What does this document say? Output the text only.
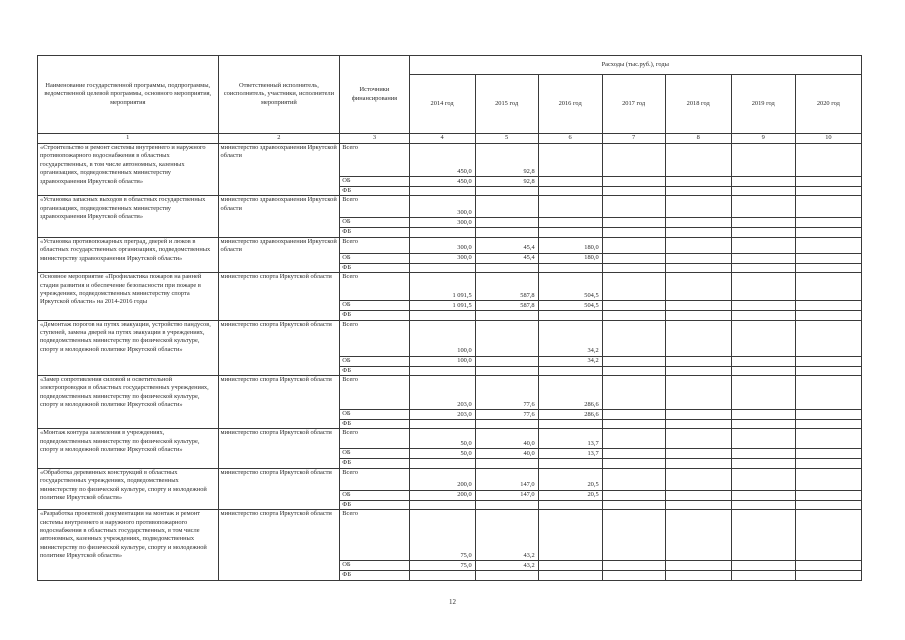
Наименование государственной программы, подпрограммы, ведомственной целевой программы, основного мероприятия, мероприятия	Ответственный исполнитель, соисполнитель, участники, исполнители мероприятий	Источники финансирования	Расходы (тыс.руб.), годы						
			2014 год	2015 год	2016 год	2017 год	2018 год	2019 год	2020 год
1	2	3	4	5	6	7	8	9	10
«Строительство и ремонт системы внутреннего и наружного противопожарного водоснабжения в областных государственных, в том числе автономных, казенных организациях, подведомственных министерству здравоохранения Иркутской области»	министерство здравоохранения Иркутской области	Всего	450,0	92,8					
		ОБ	450,0	92,8					
		ФБ							
«Установка запасных выходов в областных государственных организациях, подведомственных министерству здравоохранения Иркутской области»	министерство здравоохранения Иркутской области	Всего	300,0						
		ОБ	300,0						
		ФБ							
«Установка противопожарных преград, дверей и люков в областных государственных организациях, подведомственных министерству здравоохранения Иркутской области»	министерство здравоохранения Иркутской области	Всего	300,0	45,4	180,0				
		ОБ	300,0	45,4	180,0				
		ФБ							
Основное мероприятие «Профилактика пожаров на ранней стадии развития и обеспечение безопасности при пожаре в учреждениях, подведомственных министерству спорта Иркутской области» на 2014-2016 годы	министерство спорта Иркутской области	Всего	1 091,5	587,8	504,5				
		ОБ	1 091,5	587,8	504,5				
		ФБ							
«Демонтаж порогов на путях эвакуации, устройство пандусов, ступеней, замена дверей на путях эвакуации в учреждениях, подведомственных министерству по физической культуре, спорту и молодежной политике Иркутской области»	министерство спорта Иркутской области	Всего	100,0		34,2				
		ОБ	100,0		34,2				
		ФБ							
«Замер сопротивления силовой и осветительной электропроводки в областных государственных учреждениях, подведомственных министерству по физической культуре, спорту и молодежной политике Иркутской области»	министерство спорта Иркутской области	Всего	203,0	77,6	286,6				
		ОБ	203,0	77,6	286,6				
		ФБ							
«Монтаж контура заземления в учреждениях, подведомственных министерству по физической культуре, спорту и молодежной политике Иркутской области»	министерство спорта Иркутской области	Всего	50,0	40,0	13,7				
		ОБ	50,0	40,0	13,7				
		ФБ							
«Обработка деревянных конструкций в областных государственных учреждениях, подведомственных министерству по физической культуре, спорту и молодежной политике Иркутской области»	министерство спорта Иркутской области	Всего	200,0	147,0	20,5				
		ОБ	200,0	147,0	20,5				
		ФБ							
«Разработка проектной документации на монтаж и ремонт системы внутреннего и наружного противопожарного водоснабжения в областных государственных, в том числе автономных, казенных учреждениях, подведомственных министерству по физической культуре, спорту и молодежной политике Иркутской области»	министерство спорта Иркутской области	Всего	75,0	43,2					
		ОБ	75,0	43,2					
		ФБ							
12
